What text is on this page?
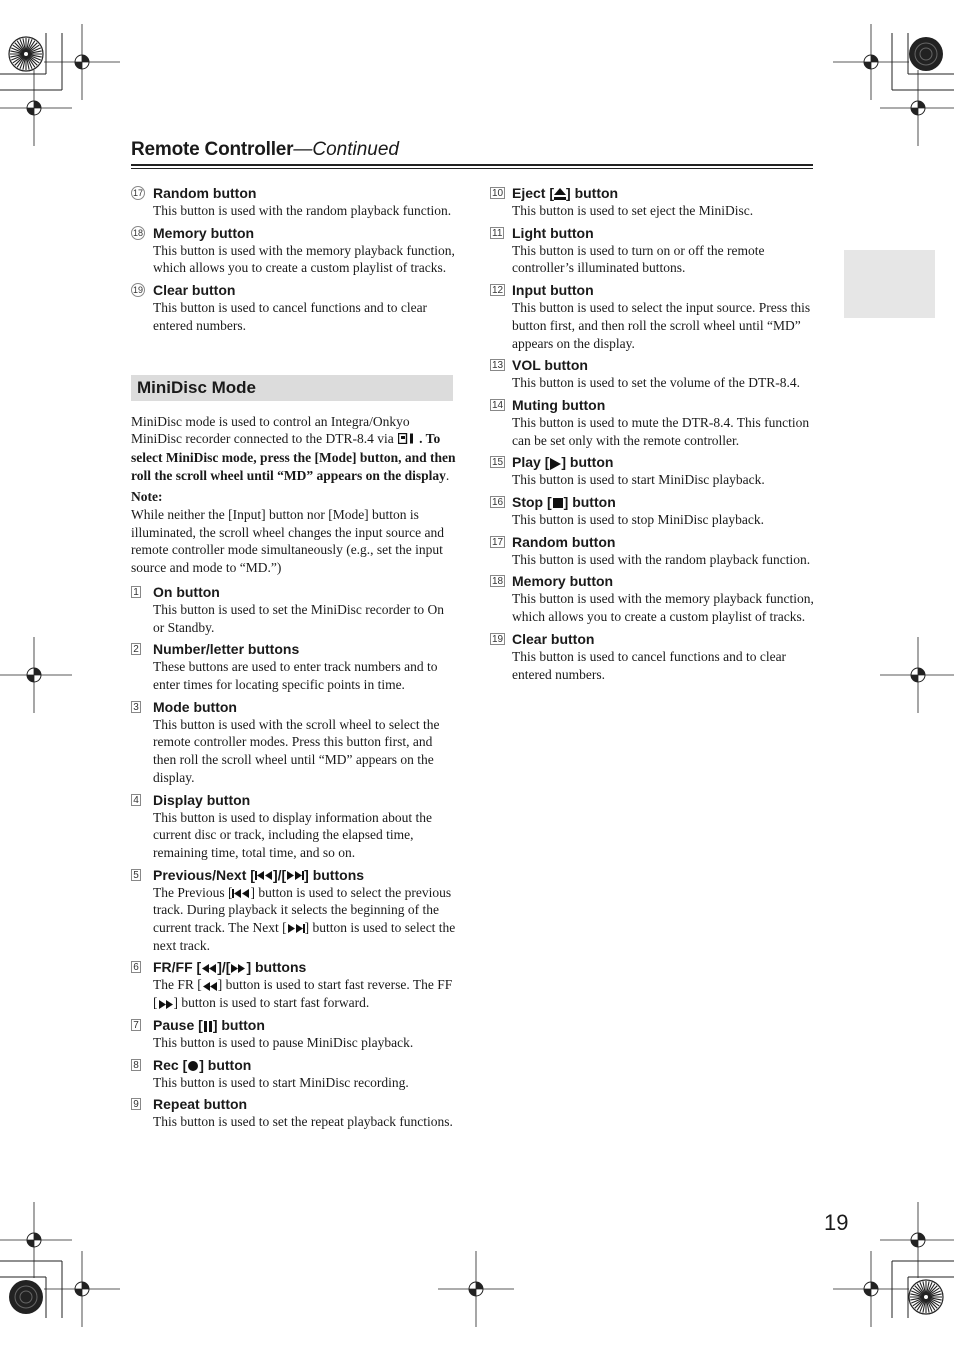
Remote Controller—Continued
17 Random button
This button is used with the random playback function.
18 Memory button
This button is used with the memory playback function, which allows you to create a custom playlist of tracks.
19 Clear button
This button is used to cancel functions and to clear entered numbers.
MiniDisc Mode
MiniDisc mode is used to control an Integra/Onkyo MiniDisc recorder connected to the DTR-8.4 via . To select MiniDisc mode, press the [Mode] button, and then roll the scroll wheel until “MD” appears on the display.
Note:
While neither the [Input] button nor [Mode] button is illuminated, the scroll wheel changes the input source and remote controller mode simultaneously (e.g., set the input source and mode to “MD.”)
1 On button
This button is used to set the MiniDisc recorder to On or Standby.
2 Number/letter buttons
These buttons are used to enter track numbers and to enter times for locating specific points in time.
3 Mode button
This button is used with the scroll wheel to select the remote controller modes. Press this button first, and then roll the scroll wheel until “MD” appears on the display.
4 Display button
This button is used to display information about the current disc or track, including the elapsed time, remaining time, total time, and so on.
5 Previous/Next [ ]/[ ] buttons
The Previous [ ] button is used to select the previous track. During playback it selects the beginning of the current track. The Next [ ] button is used to select the next track.
6 FR/FF [ ]/[ ] buttons
The FR [ ] button is used to start fast reverse. The FF [ ] button is used to start fast forward.
7 Pause [ ] button
This button is used to pause MiniDisc playback.
8 Rec [ ] button
This button is used to start MiniDisc recording.
9 Repeat button
This button is used to set the repeat playback functions.
10 Eject [ ] button
This button is used to set eject the MiniDisc.
11 Light button
This button is used to turn on or off the remote controller’s illuminated buttons.
12 Input button
This button is used to select the input source. Press this button first, and then roll the scroll wheel until “MD” appears on the display.
13 VOL button
This button is used to set the volume of the DTR-8.4.
14 Muting button
This button is used to mute the DTR-8.4. This function can be set only with the remote controller.
15 Play [ ] button
This button is used to start MiniDisc playback.
16 Stop [ ] button
This button is used to stop MiniDisc playback.
17 Random button
This button is used with the random playback function.
18 Memory button
This button is used with the memory playback function, which allows you to create a custom playlist of tracks.
19 Clear button
This button is used to cancel functions and to clear entered numbers.
19
